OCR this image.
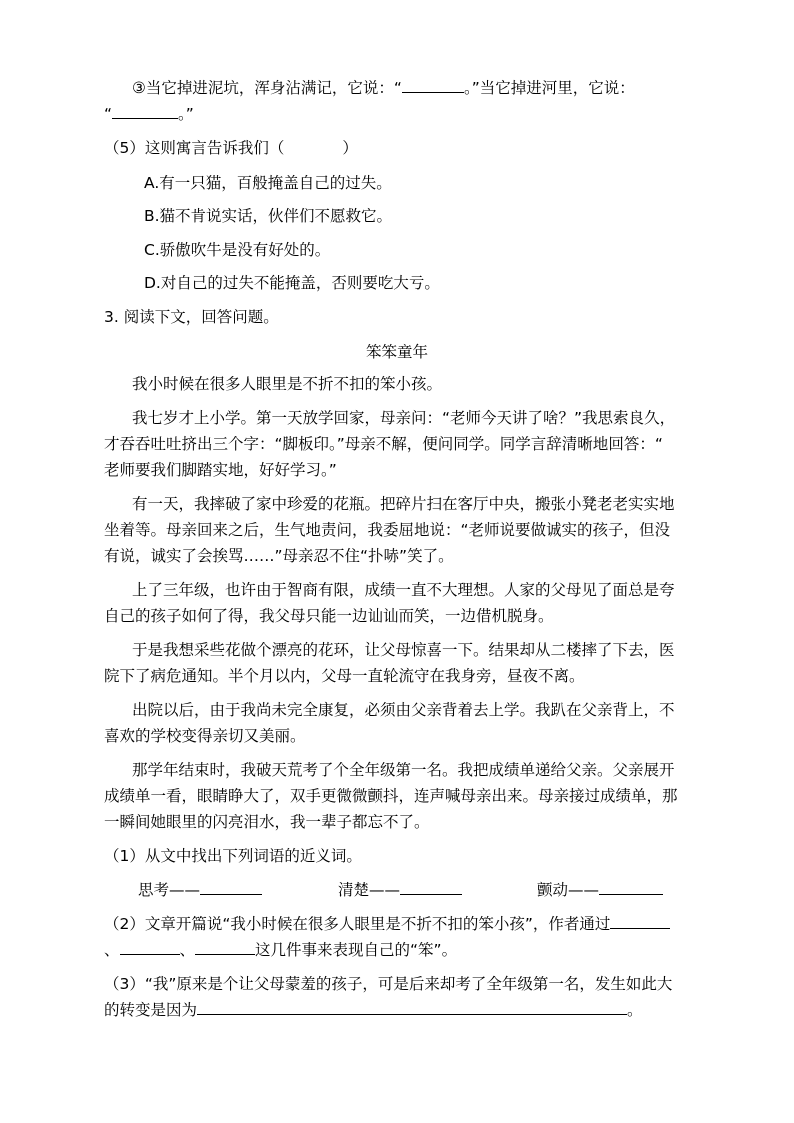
③当它掉进泥坑，浑身沾满记，它说：“	。”当它掉进河里，它说：
“	。”
（5）这则寓言告诉我们（	）
A.有一只猫，百般掩盖自己的过失。
B.猫不肯说实话，伙伴们不愿救它。
C.骄傲吹牛是没有好处的。
D.对自己的过失不能掩盖，否则要吃大亏。
3. 阅读下文，回答问题。
笨笨童年
我小时候在很多人眼里是不折不扣的笨小孩。
我七岁才上小学。第一天放学回家，母亲问：“老师今天讲了啥？”我思索良久，
才吞吞吐吐挤出三个字：“脚板印。”母亲不解，便问同学。同学言辞清晰地回答：“
老师要我们脚踏实地，好好学习。”
有一天，我摔破了家中珍爱的花瓶。把碎片扫在客厅中央，搬张小凳老老实实地
坐着等。母亲回来之后，生气地责问，我委屈地说：“老师说要做诚实的孩子，但没
有说，诚实了会挨骂……”母亲忍不住“扑哧”笑了。
上了三年级，也许由于智商有限，成绩一直不大理想。人家的父母见了面总是夸
自己的孩子如何了得，我父母只能一边讪讪而笑，一边借机脱身。
于是我想采些花做个漂亮的花环，让父母惊喜一下。结果却从二楼摔了下去，医
院下了病危通知。半个月以内，父母一直轮流守在我身旁，昼夜不离。
出院以后，由于我尚未完全康复，必须由父亲背着去上学。我趴在父亲背上，不
喜欢的学校变得亲切又美丽。
那学年结束时，我破天荒考了个全年级第一名。我把成绩单递给父亲。父亲展开
成绩单一看，眼睛睁大了，双手更微微颤抖，连声喊母亲出来。母亲接过成绩单，那
一瞬间她眼里的闪亮泪水，我一辈子都忘不了。
（1）从文中找出下列词语的近义词。
思考——	清楚——	颤动——
（2）文章开篇说“我小时候在很多人眼里是不折不扣的笨小孩”，作者通过
、	、	这几件事来表现自己的“笨”。
（3）“我”原来是个让父母蒙羞的孩子，可是后来却考了全年级第一名，发生如此大
的转变是因为	。
